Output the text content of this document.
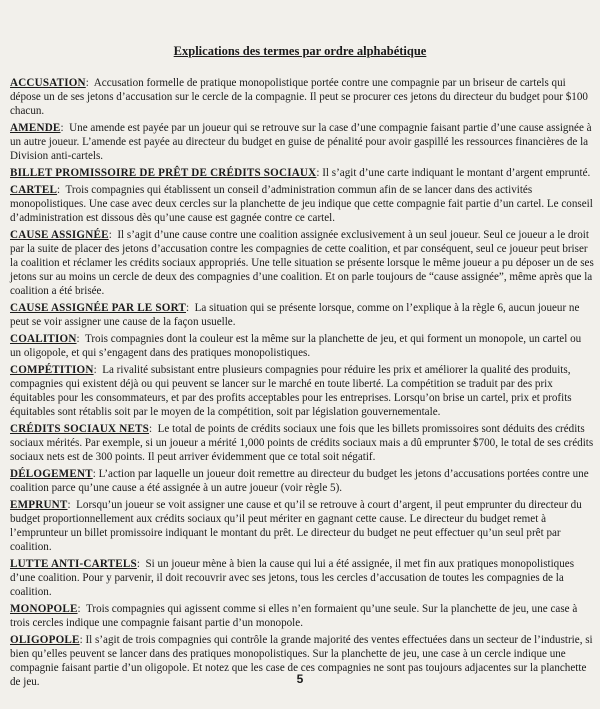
Explications des termes par ordre alphabétique

ACCUSATION:  Accusation formelle de pratique monopolistique portée contre une compagnie par un briseur de cartels qui dépose un de ses jetons d’accusation sur le cercle de la compagnie. Il peut se procurer ces jetons du directeur du budget pour $100 chacun.

AMENDE:  Une amende est payée par un joueur qui se retrouve sur la case d’une compagnie faisant partie d’une cause assignée à un autre joueur. L’amende est payée au directeur du budget en guise de pénalité pour avoir gaspillé les ressources financières de la Division anti-cartels.

BILLET PROMISSOIRE DE PRÊT DE CRÉDITS SOCIAUX: Il s’agit d’une carte indiquant le montant d’argent emprunté.

CARTEL:  Trois compagnies qui établissent un conseil d’administration commun afin de se lancer dans des activités monopolistiques. Une case avec deux cercles sur la planchette de jeu indique que cette compagnie fait partie d’un cartel. Le conseil d’administration est dissous dès qu’une cause est gagnée contre ce cartel.

CAUSE ASSIGNÉE:  Il s’agit d’une cause contre une coalition assignée exclusivement à un seul joueur. Seul ce joueur a le droit par la suite de placer des jetons d’accusation contre les compagnies de cette coalition, et par conséquent, seul ce joueur peut briser la coalition et réclamer les crédits sociaux appropriés. Une telle situation se présente lorsque le même joueur a pu déposer un de ses jetons sur au moins un cercle de deux des compagnies d’une coalition. Et on parle toujours de “cause assignée”, même après que la coalition a été brisée.

CAUSE ASSIGNÉE PAR LE SORT:  La situation qui se présente lorsque, comme on l’explique à la règle 6, aucun joueur ne peut se voir assigner une cause de la façon usuelle.

COALITION:  Trois compagnies dont la couleur est la même sur la planchette de jeu, et qui forment un monopole, un cartel ou un oligopole, et qui s’engagent dans des pratiques monopolistiques.

COMPÉTITION:  La rivalité subsistant entre plusieurs compagnies pour réduire les prix et améliorer la qualité des produits, compagnies qui existent déjà ou qui peuvent se lancer sur le marché en toute liberté. La compétition se traduit par des prix équitables pour les consommateurs, et par des profits acceptables pour les entreprises. Lorsqu’on brise un cartel, prix et profits équitables sont rétablis soit par le moyen de la compétition, soit par législation gouvernementale.

CRÉDITS SOCIAUX NETS:  Le total de points de crédits sociaux une fois que les billets promissoires sont déduits des crédits sociaux mérités. Par exemple, si un joueur a mérité 1,000 points de crédits sociaux mais a dû emprunter $700, le total de ses crédits sociaux nets est de 300 points. Il peut arriver évidemment que ce total soit négatif.

DÉLOGEMENT: L’action par laquelle un joueur doit remettre au directeur du budget les jetons d’accusations portées contre une coalition parce qu’une cause a été assignée à un autre joueur (voir règle 5).

EMPRUNT:  Lorsqu’un joueur se voit assigner une cause et qu’il se retrouve à court d’argent, il peut emprunter du directeur du budget proportionnellement aux crédits sociaux qu’il peut mériter en gagnant cette cause. Le directeur du budget remet à l’emprunteur un billet promissoire indiquant le montant du prêt. Le directeur du budget ne peut effectuer qu’un seul prêt par coalition.

LUTTE ANTI-CARTELS:  Si un joueur mène à bien la cause qui lui a été assignée, il met fin aux pratiques monopolistiques d’une coalition. Pour y parvenir, il doit recouvrir avec ses jetons, tous les cercles d’accusation de toutes les compagnies de la coalition.

MONOPOLE:  Trois compagnies qui agissent comme si elles n’en formaient qu’une seule. Sur la planchette de jeu, une case à trois cercles indique une compagnie faisant partie d’un monopole.

OLIGOPOLE: Il s’agit de trois compagnies qui contrôle la grande majorité des ventes effectuées dans un secteur de l’industrie, si bien qu’elles peuvent se lancer dans des pratiques monopolistiques. Sur la planchette de jeu, une case à un cercle indique une compagnie faisant partie d’un oligopole. Et notez que les case de ces compagnies ne sont pas toujours adjacentes sur la planchette de jeu.	5
